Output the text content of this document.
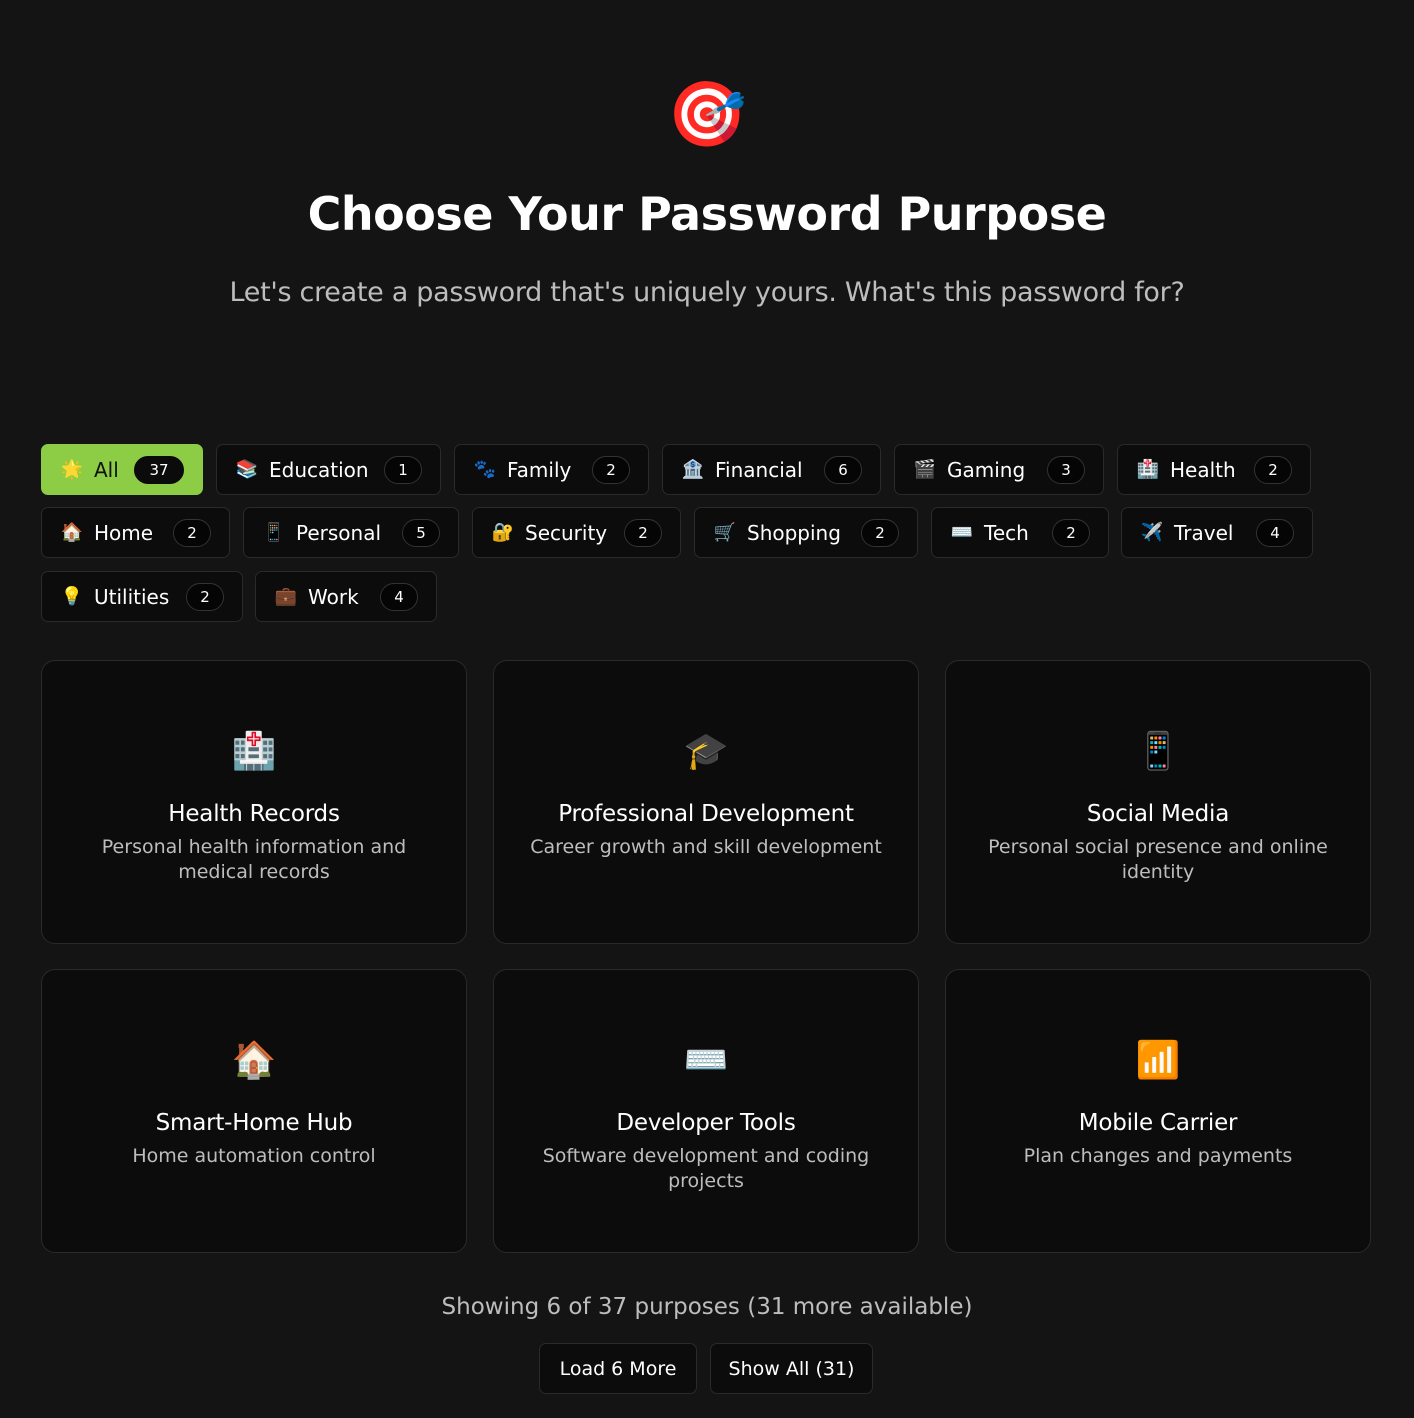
🎯
Choose Your Password Purpose

Let's create a password that's uniquely yours. What's this password for?

🌟 All	37	📚 Education	1	🐾 Family	2	🏦 Financial	6	🎬 Gaming	3	🏥 Health	2
🏠 Home	2	📱 Personal	5	🔐 Security	2	🛒 Shopping	2	⌨️ Tech	2	✈️ Travel	4
💡 Utilities	2	💼 Work	4
🏥
Health Records
Personal health information and medical records
🎓
Professional Development
Career growth and skill development
📱
Social Media
Personal social presence and online identity
🏠
Smart-Home Hub
Home automation control
⌨️
Developer Tools
Software development and coding projects
📶
Mobile Carrier
Plan changes and payments
Showing 6 of 37 purposes (31 more available)
Load 6 More	Show All (31)
